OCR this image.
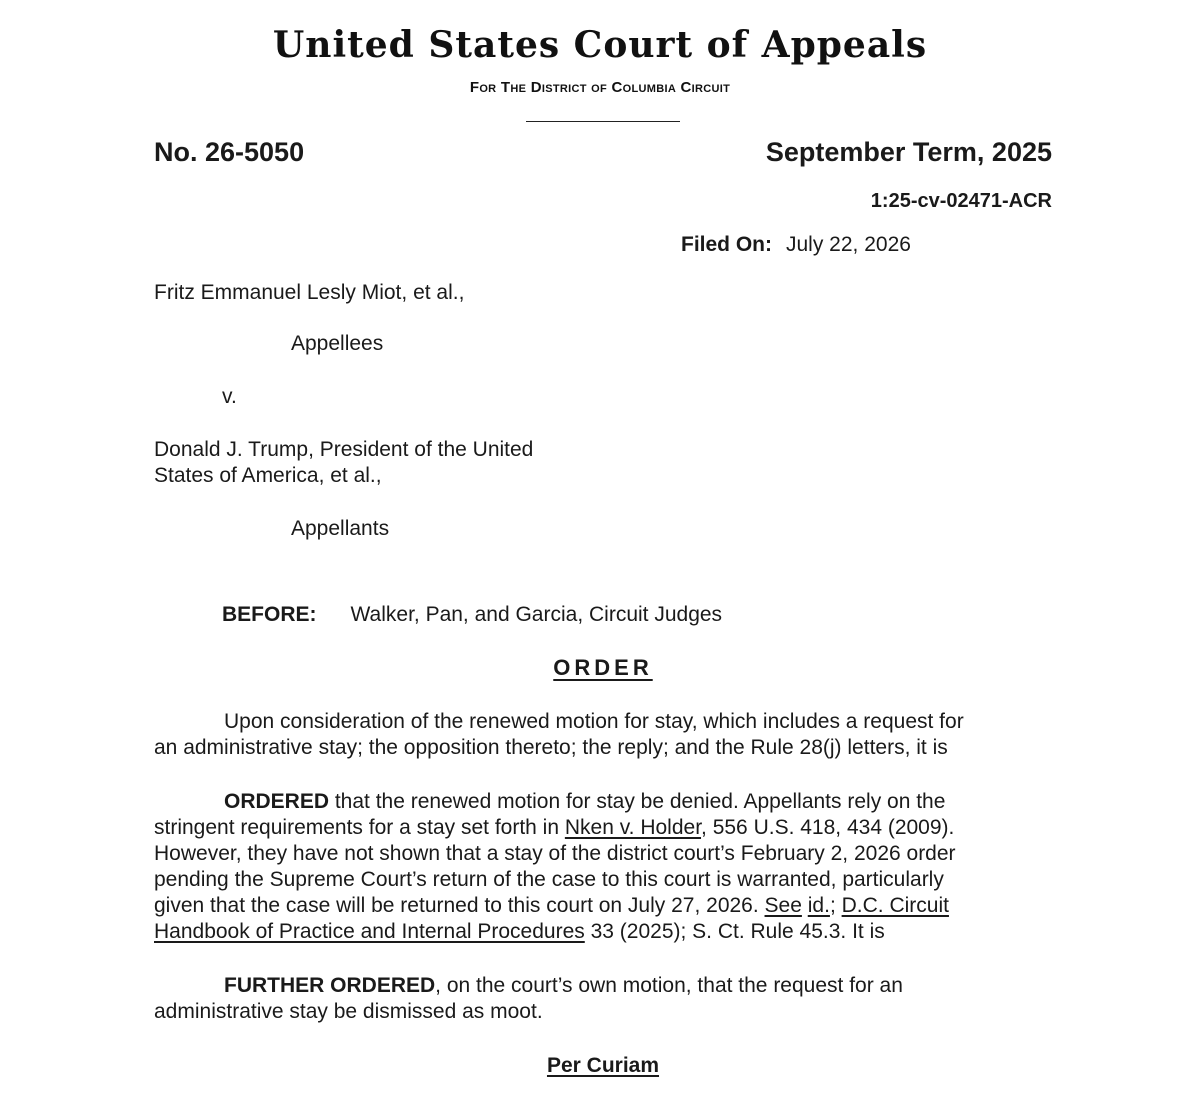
United States Court of Appeals
For The District of Columbia Circuit
No. 26-5050	September Term, 2025
1:25-cv-02471-ACR
Filed On: July 22, 2026
Fritz Emmanuel Lesly Miot, et al.,
Appellees
v.
Donald J. Trump, President of the United
States of America, et al.,
Appellants
BEFORE: Walker, Pan, and Garcia, Circuit Judges
ORDER
Upon consideration of the renewed motion for stay, which includes a request for
an administrative stay; the opposition thereto; the reply; and the Rule 28(j) letters, it is
ORDERED that the renewed motion for stay be denied. Appellants rely on the
stringent requirements for a stay set forth in Nken v. Holder, 556 U.S. 418, 434 (2009).
However, they have not shown that a stay of the district court’s February 2, 2026 order
pending the Supreme Court’s return of the case to this court is warranted, particularly
given that the case will be returned to this court on July 27, 2026. See id.; D.C. Circuit
Handbook of Practice and Internal Procedures 33 (2025); S. Ct. Rule 45.3. It is
FURTHER ORDERED, on the court’s own motion, that the request for an
administrative stay be dismissed as moot.
Per Curiam
